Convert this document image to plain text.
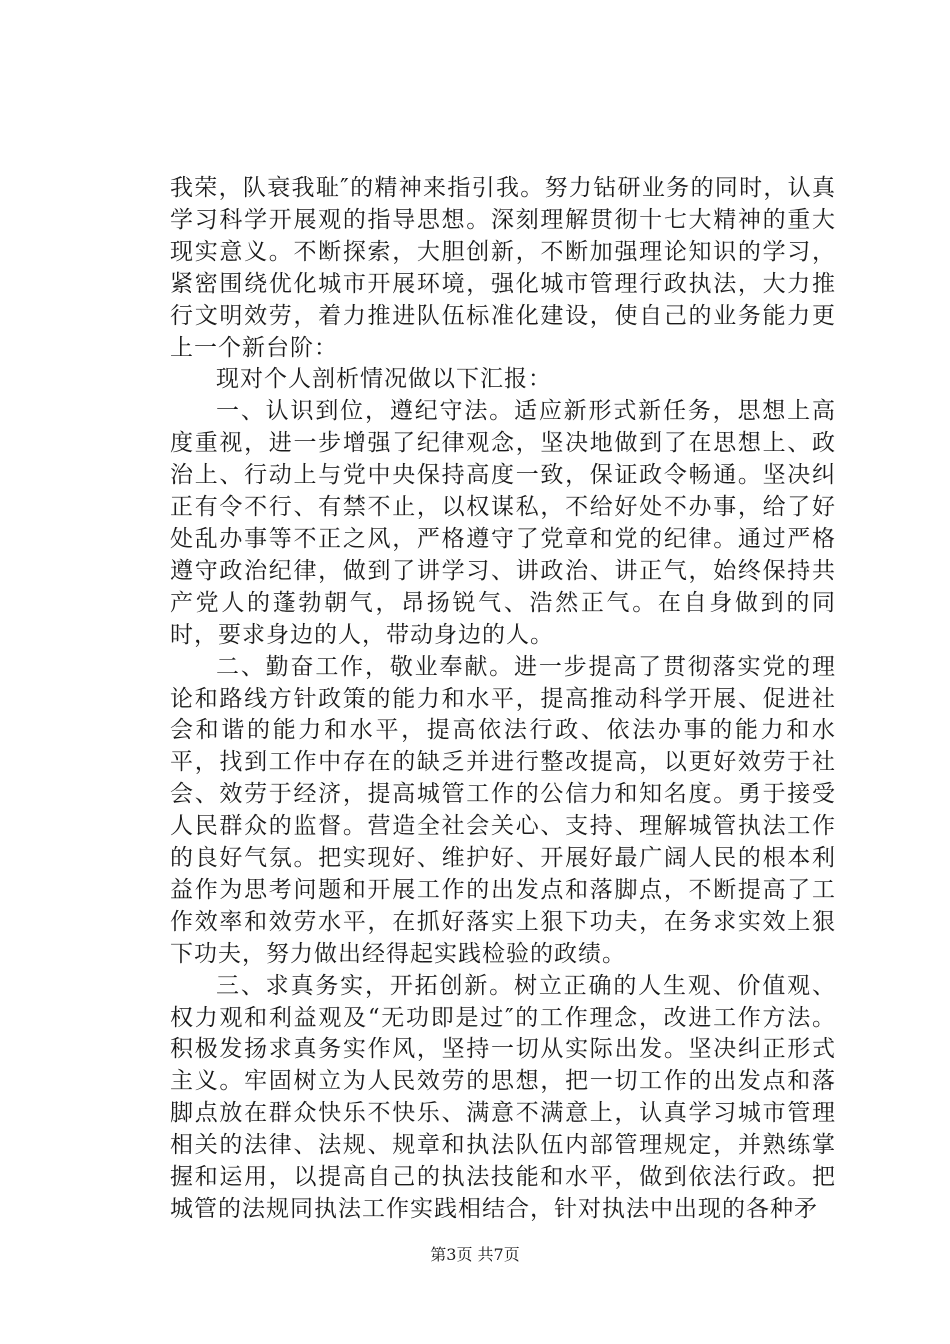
我荣，队衰我耻″的精神来指引我。努力钻研业务的同时，认真学习科学开展观的指导思想。深刻理解贯彻十七大精神的重大现实意义。不断探索，大胆创新，不断加强理论知识的学习，紧密围绕优化城市开展环境，强化城市管理行政执法，大力推行文明效劳，着力推进队伍标准化建设，使自己的业务能力更上一个新台阶：

现对个人剖析情况做以下汇报：

一、认识到位，遵纪守法。适应新形式新任务，思想上高度重视，进一步增强了纪律观念，坚决地做到了在思想上、政治上、行动上与党中央保持高度一致，保证政令畅通。坚决纠正有令不行、有禁不止，以权谋私，不给好处不办事，给了好处乱办事等不正之风，严格遵守了党章和党的纪律。通过严格遵守政治纪律，做到了讲学习、讲政治、讲正气，始终保持共产党人的蓬勃朝气，昂扬锐气、浩然正气。在自身做到的同时，要求身边的人，带动身边的人。

二、勤奋工作，敬业奉献。进一步提高了贯彻落实党的理论和路线方针政策的能力和水平，提高推动科学开展、促进社会和谐的能力和水平，提高依法行政、依法办事的能力和水平，找到工作中存在的缺乏并进行整改提高，以更好效劳于社会、效劳于经济，提高城管工作的公信力和知名度。勇于接受人民群众的监督。营造全社会关心、支持、理解城管执法工作的良好气氛。把实现好、维护好、开展好最广阔人民的根本利益作为思考问题和开展工作的出发点和落脚点，不断提高了工作效率和效劳水平，在抓好落实上狠下功夫，在务求实效上狠下功夫，努力做出经得起实践检验的政绩。

三、求真务实，开拓创新。树立正确的人生观、价值观、权力观和利益观及“无功即是过″的工作理念，改进工作方法。积极发扬求真务实作风，坚持一切从实际出发。坚决纠正形式主义。牢固树立为人民效劳的思想，把一切工作的出发点和落脚点放在群众快乐不快乐、满意不满意上，认真学习城市管理相关的法律、法规、规章和执法队伍内部管理规定，并熟练掌握和运用，以提高自己的执法技能和水平，做到依法行政。把城管的法规同执法工作实践相结合，针对执法中出现的各种矛

第3页 共7页
